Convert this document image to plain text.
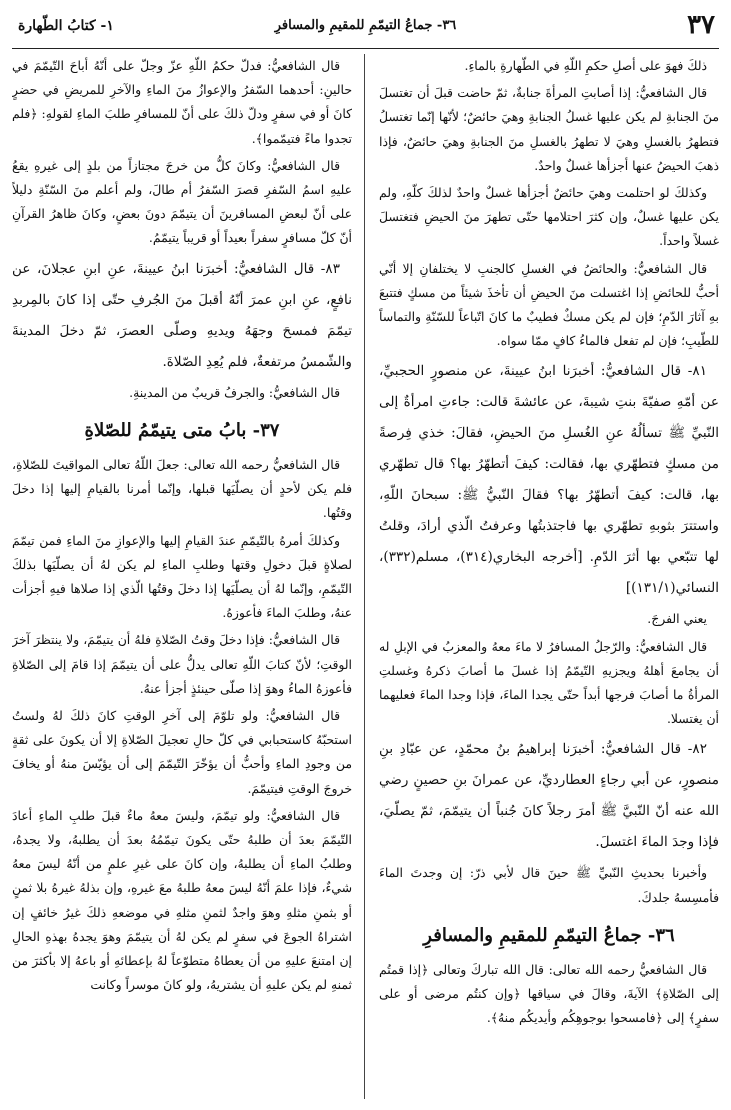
٣٧
٣٦- جماعُ التيمّمِ للمقيمِ والمسافرِ
١- كتابُ الطّهارة

ذلكَ فهوَ على أصلِ حكمِ اللّهِ في الطّهارةِ بالماءِ.

قال الشافعيُّ: إذا أصابتِ المرأةَ جنابةٌ، ثمّ حاضت قبلَ أن تغتسلَ منَ الجنابةِ لم يكن عليها غسلُ الجنابةِ وهيَ حائضٌ؛ لأنّها إنّما تغتسلُ فتطهرُ بالغسلِ وهيَ لا تطهرُ بالغسلِ منَ الجنابةِ وهيَ حائضٌ، فإذا ذهبَ الحيضُ عنها أجزأها غسلٌ واحدٌ.

وكذلكَ لو احتلمت وهيَ حائضٌ أجزأها غسلٌ واحدٌ لذلكَ كلّهِ، ولم يكن عليها غسلٌ، وإن كثرَ احتلامها حتّى تطهرَ منَ الحيضِ فتغتسلَ غسلاً واحداً.

قال الشافعيُّ: والحائضُ في الغسلِ كالجنبِ لا يختلفانِ إلا أنّي أحبُّ للحائضِ إذا اغتسلت منَ الحيضِ أن تأخذَ شيئاً من مسكٍ فتتبعَ بهِ آثارَ الدّمِ؛ فإن لم يكن مسكٌ فطيبٌ ما كانَ اتّباعاً للسّنّةِ والتماساً للطّيبِ؛ فإن لم تفعل فالماءُ كافٍ ممّا سواه.

٨١- قال الشافعيُّ: أخبرَنا ابنُ عيينةَ، عن منصورٍ الحجبيِّ، عن أمّهِ صفيّةَ بنتِ شيبةَ، عن عائشةَ قالت: جاءتِ امرأةٌ إلى النّبيِّ ﷺ تسألُهُ عنِ الغُسلِ منَ الحيضِ، فقالَ: خذي فِرصةً من مسكٍ فتطهّري بها، فقالت: كيفَ أتطهّرُ بها؟ قال تطهّري بها، قالت: كيفَ أتطهّرُ بها؟ فقالَ النّبيُّ ﷺ: سبحانَ اللّهِ، واستترَ بثوبهِ تطهّري بها فاجتذبتُها وعرفتُ الّذي أرادَ، وقلتُ لها تتبّعي بها أثرَ الدّمِ. [أخرجه البخاري(٣١٤)، مسلم(٣٣٢)، النسائي(١٣١/١)]

يعني الفرجَ.

قال الشافعيُّ: والرّجلُ المسافرُ لا ماءَ معهُ والمعزبُ في الإبلِ له أن يجامعَ أهلهُ ويجزيهِ التّيمّمُ إذا غسلَ ما أصابَ ذكرهُ وغسلتِ المرأةُ ما أصابَ فرجها أبداً حتّى يجدا الماءَ، فإذا وجدا الماءَ فعليهما أن يغتسلا.

٨٢- قال الشافعيُّ: أخبرَنا إبراهيمُ بنُ محمّدٍ، عن عبّادِ بنِ منصورٍ، عن أبي رجاءٍ العطارديِّ، عن عمرانَ بنِ حصينٍ رضي الله عنه أنّ النّبيَّ ﷺ أمرَ رجلاً كانَ جُنباً أن يتيمّمَ، ثمّ يصلّيَ، فإذا وجدَ الماءَ اغتسلَ.

وأخبرنا بحديثِ النّبيِّ ﷺ حينَ قال لأبي ذرّ: إن وجدتَ الماءَ فأمسِسهُ جلدكَ.

٣٦- جماعُ التيمّمِ للمقيمِ والمسافرِ

قال الشافعيُّ رحمه الله تعالى: قال الله تباركَ وتعالى ﴿إذا قمتُم إلى الصّلاةِ﴾ الآيةَ، وقالَ في سياقها ﴿وإن كنتُم مرضى أو على سفرٍ﴾ إلى ﴿فامسحوا بوجوهِكُم وأيديكُم منهُ﴾.

قال الشافعيُّ: فدلّ حكمُ اللّهِ عزّ وجلّ على أنّهُ أباحَ التّيمّمَ في حالينِ: أحدهما السّفرُ والإعوازُ منَ الماءِ والآخرِ للمريضِ في حضرٍ كانَ أو في سفرٍ ودلّ ذلكَ على أنّ للمسافرِ طلبَ الماءِ لقولهِ: ﴿فلم تجدوا ماءً فتيمّموا﴾.

قال الشافعيُّ: وكانَ كلُّ من خرجَ مجتازاً من بلدٍ إلى غيرهِ يقعُ عليهِ اسمُ السّفرِ قصرَ السّفرُ أم طالَ، ولم أعلم منَ السّنّةِ دليلاً على أنّ لبعضِ المسافرينَ أن يتيمّمَ دونَ بعضٍ، وكانَ ظاهرُ القرآنِ أنّ كلّ مسافرٍ سفراً بعيداً أو قريباً يتيمّمُ.

٨٣- قال الشافعيُّ: أخبرَنا ابنُ عيينةَ، عنِ ابنِ عجلانَ، عن نافعٍ، عنِ ابنِ عمرَ أنّهُ أقبلَ منَ الجُرفِ حتّى إذا كانَ بالمِربدِ تيمّمَ فمسحَ وجهَهُ ويديهِ وصلّى العصرَ، ثمّ دخلَ المدينةَ والشّمسُ مرتفعةٌ، فلم يُعِدِ الصّلاةَ.

قال الشافعيُّ: والجرفُ قريبٌ من المدينةِ.

٣٧- بابُ متى يتيمّمُ للصّلاةِ

قال الشافعيُّ رحمه الله تعالى: جعلَ اللّهُ تعالى المواقيتَ للصّلاةِ، فلم يكن لأحدٍ أن يصلّيَها قبلها، وإنّما أمرنا بالقيامِ إليها إذا دخلَ وقتُها.

وكذلكَ أمرهُ بالتّيمّمِ عندَ القيامِ إليها والإعوازِ منَ الماءِ فمن تيمّمَ لصلاةٍ قبلَ دخولِ وقتها وطلبِ الماءِ لم يكن لهُ أن يصلّيَها بذلكَ التّيمّمِ، وإنّما لهُ أن يصلّيَها إذا دخلَ وقتُها الّذي إذا صلاها فيهِ أجزأت عنهُ، وطلبَ الماءَ فأعوزهُ.

قال الشافعيُّ: فإذا دخلَ وقتُ الصّلاةِ فلهُ أن يتيمّمَ، ولا ينتظرَ آخرَ الوقتِ؛ لأنّ كتابَ اللّهِ تعالى يدلُّ على أن يتيمّمَ إذا قامَ إلى الصّلاةِ فأعوزهُ الماءُ وهوَ إذا صلّى حينئذٍ أجزأ عنهُ.

قال الشافعيُّ: ولو تلوّمَ إلى آخرِ الوقتِ كانَ ذلكَ لهُ ولستُ استحبّهُ كاستحبابي في كلّ حالِ تعجيلَ الصّلاةِ إلا أن يكونَ على ثقةٍ من وجودِ الماءِ وأحبُّ أن يؤخّرَ التّيمّمَ إلى أن يؤيّسَ منهُ أو يخافَ خروجَ الوقتِ فيتيمّمَ.

قال الشافعيُّ: ولو تيمّمَ، وليسَ معهُ ماءٌ قبلَ طلبِ الماءِ أعادَ التّيمّمَ بعدَ أن طلبهُ حتّى يكونَ تيمّمُهُ بعدَ أن يطلبهُ، ولا يجدهُ، وطلبُ الماءِ أن يطلبهُ، وإن كانَ على غيرِ علمٍ من أنّهُ ليسَ معهُ شيءٌ، فإذا علمَ أنّهُ ليسَ معهُ طلبهُ معَ غيرهِ، وإن بذلهُ غيرهُ بلا ثمنٍ أو بثمنِ مثلهِ وهوَ واجدٌ لثمنِ مثلهِ في موضعهِ ذلكَ غيرُ خائفٍ إن اشتراهُ الجوعَ في سفرٍ لم يكن لهُ أن يتيمّمَ وهوَ يجدهُ بهذهِ الحالِ إن امتنعَ عليهِ من أن يعطاهُ متطوّعاً لهُ بإعطائهِ أو باعهُ إلا بأكثرَ من ثمنهِ لم يكن عليهِ أن يشتريهُ، ولو كانَ موسراً وكانت
